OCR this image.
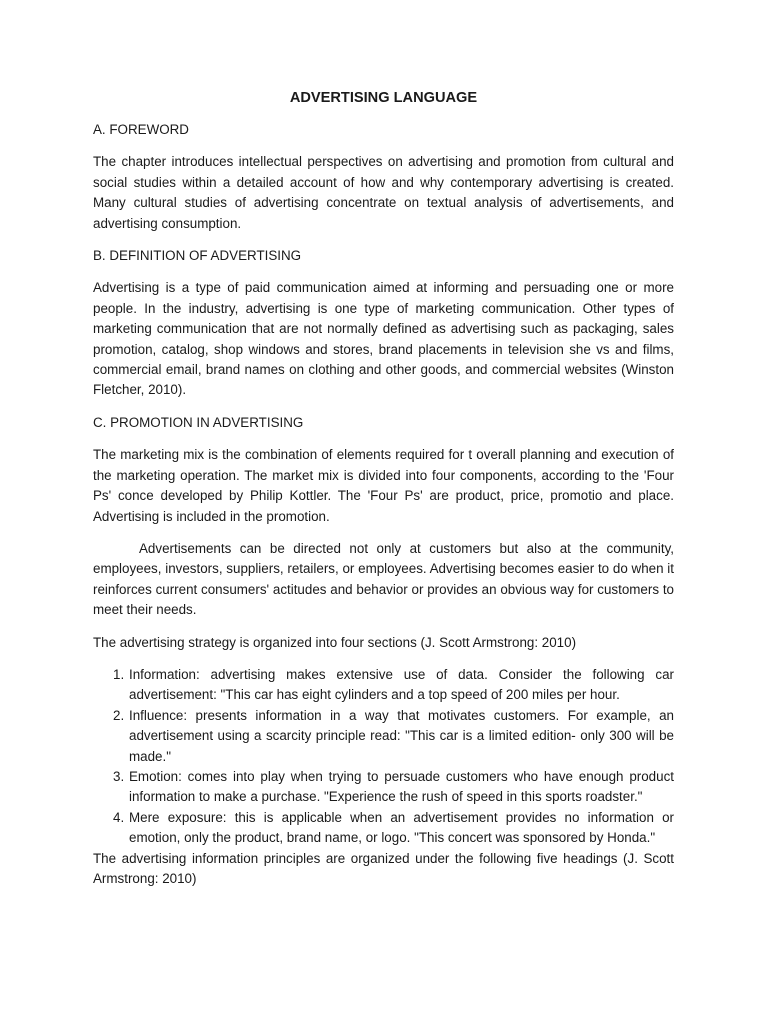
ADVERTISING LANGUAGE
A. FOREWORD

The chapter introduces intellectual perspectives on advertising and promotion from cultural and social studies within a detailed account of how and why contemporary advertising is created. Many cultural studies of advertising concentrate on textual analysis of advertisements, and advertising consumption.

B. DEFINITION OF ADVERTISING

Advertising is a type of paid communication aimed at informing and persuading one or more people. In the industry, advertising is one type of marketing communication. Other types of marketing communication that are not normally defined as advertising such as packaging, sales promotion, catalog, shop windows and stores, brand placements in television she vs and films, commercial email, brand names on clothing and other goods, and commercial websites (Winston Fletcher, 2010).

C. PROMOTION IN ADVERTISING

The marketing mix is the combination of elements required for t overall planning and execution of the marketing operation. The market mix is divided into four components, according to the 'Four Ps' conce developed by Philip Kottler. The 'Four Ps' are product, price, promotio and place. Advertising is included in the promotion.

Advertisements can be directed not only at customers but also at the community, employees, investors, suppliers, retailers, or employees. Advertising becomes easier to do when it reinforces current consumers' actitudes and behavior or provides an obvious way for customers to meet their needs.

The advertising strategy is organized into four sections (J. Scott Armstrong: 2010)

1. Information: advertising makes extensive use of data. Consider the following car advertisement: "This car has eight cylinders and a top speed of 200 miles per hour.
2. Influence: presents information in a way that motivates customers. For example, an advertisement using a scarcity principle read: "This car is a limited edition- only 300 will be made."
3. Emotion: comes into play when trying to persuade customers who have enough product information to make a purchase. "Experience the rush of speed in this sports roadster."
4. Mere exposure: this is applicable when an advertisement provides no information or emotion, only the product, brand name, or logo. "This concert was sponsored by Honda."

The advertising information principles are organized under the following five headings (J. Scott Armstrong: 2010)
